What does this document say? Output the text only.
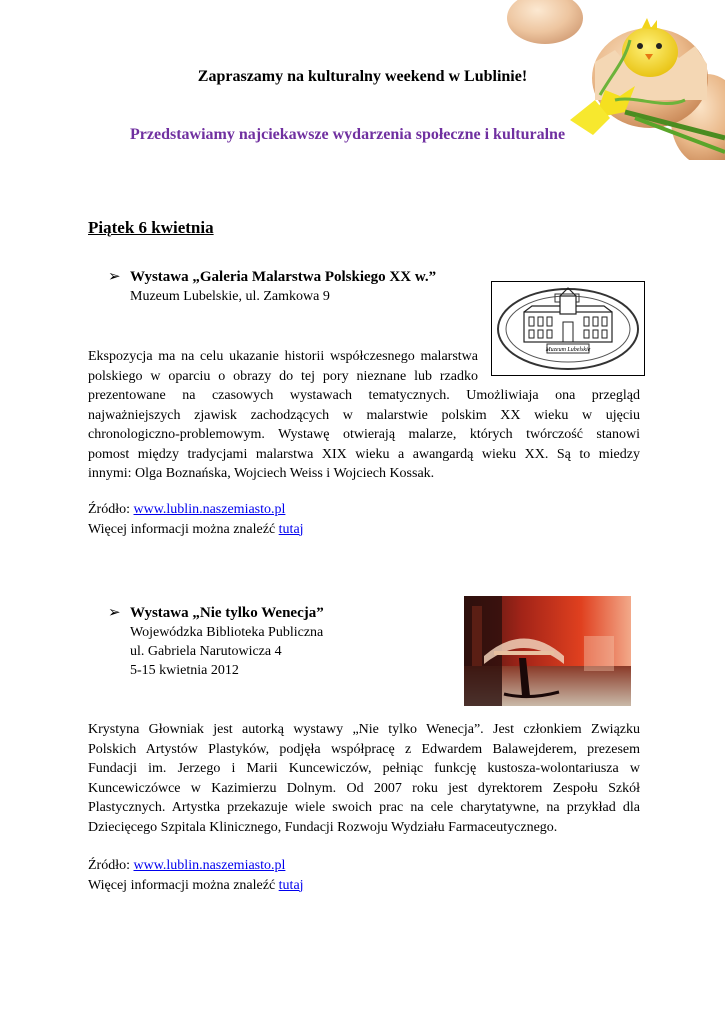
Zapraszamy na kulturalny weekend w Lublinie!
Przedstawiamy najciekawsze wydarzenia społeczne i kulturalne
Piątek 6 kwietnia
➢ Wystawa „Galeria Malarstwa Polskiego XX w.”
Muzeum Lubelskie, ul. Zamkowa 9
Muzeum Lubelskie
Ekspozycja ma na celu ukazanie historii współczesnego malarstwa
polskiego w oparciu o obrazy do tej pory nieznane lub rzadko
prezentowane na czasowych wystawach tematycznych. Umożliwiaja ona przegląd
najważniejszych zjawisk zachodzących w malarstwie polskim XX wieku w ujęciu
chronologiczno-problemowym. Wystawę otwierają malarze, których twórczość stanowi
pomost między tradycjami malarstwa XIX wieku a awangardą wieku XX. Są to miedzy
innymi: Olga Boznańska, Wojciech Weiss i Wojciech Kossak.
Źródło: www.lublin.naszemiasto.pl
Więcej informacji można znaleźć tutaj
➢ Wystawa „Nie tylko Wenecja”
Wojewódzka Biblioteka Publiczna
ul. Gabriela Narutowicza 4
5-15 kwietnia 2012
Krystyna Głowniak jest autorką wystawy „Nie tylko Wenecja”. Jest członkiem Związku
Polskich Artystów Plastyków, podjęła współpracę z Edwardem Balawejderem, prezesem
Fundacji im. Jerzego i Marii Kuncewiczów, pełniąc funkcję kustosza-wolontariusza w
Kuncewiczówce w Kazimierzu Dolnym. Od 2007 roku jest dyrektorem Zespołu Szkół
Plastycznych. Artystka przekazuje wiele swoich prac na cele charytatywne, na przykład dla
Dziecięcego Szpitala Klinicznego, Fundacji Rozwoju Wydziału Farmaceutycznego.
Źródło: www.lublin.naszemiasto.pl
Więcej informacji można znaleźć tutaj
